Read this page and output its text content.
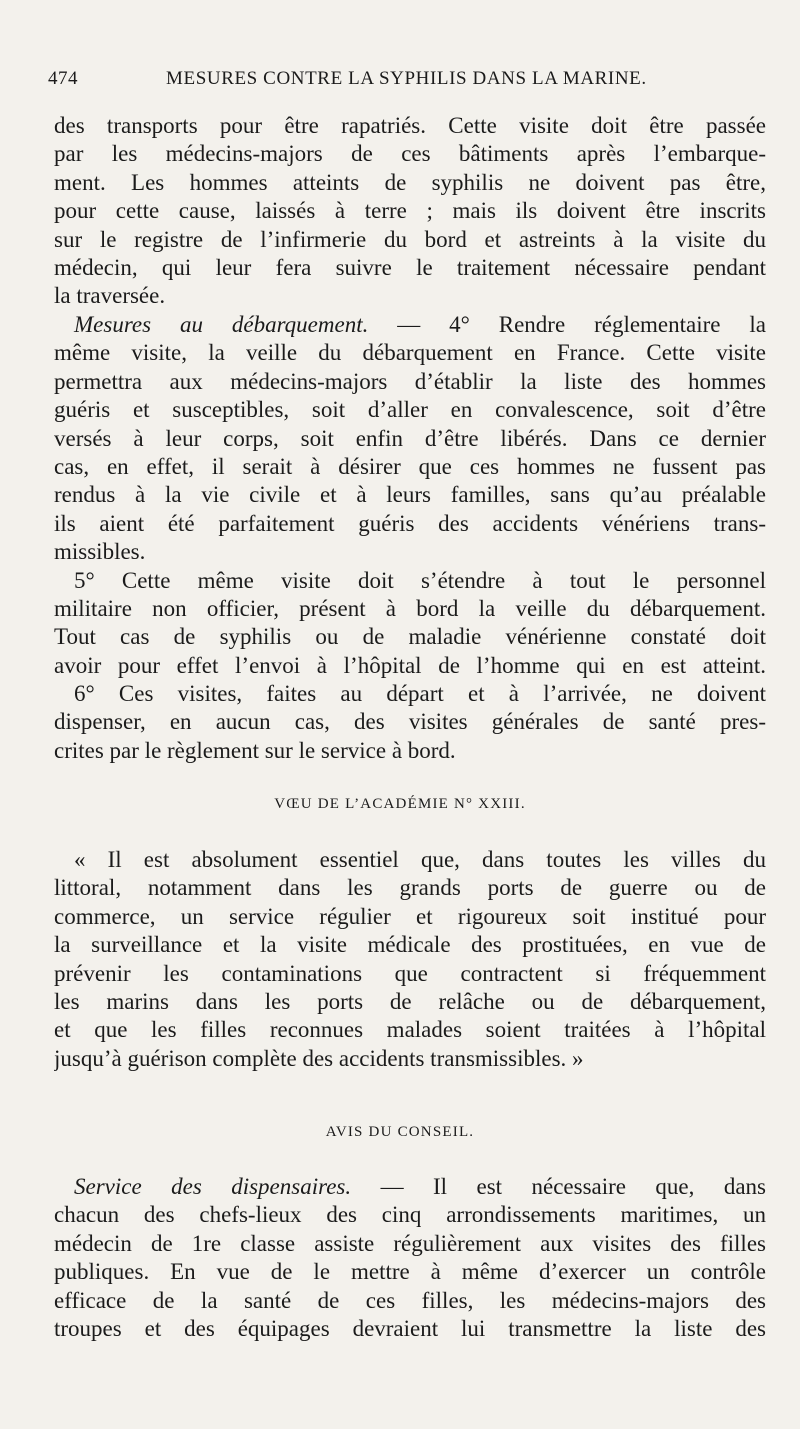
474	MESURES CONTRE LA SYPHILIS DANS LA MARINE.
des transports pour être rapatriés. Cette visite doit être passée
par les médecins-majors de ces bâtiments après l’embarque-
ment. Les hommes atteints de syphilis ne doivent pas être,
pour cette cause, laissés à terre ; mais ils doivent être inscrits
sur le registre de l’infirmerie du bord et astreints à la visite du
médecin, qui leur fera suivre le traitement nécessaire pendant
la traversée.
Mesures au débarquement. — 4° Rendre réglementaire la
même visite, la veille du débarquement en France. Cette visite
permettra aux médecins-majors d’établir la liste des hommes
guéris et susceptibles, soit d’aller en convalescence, soit d’être
versés à leur corps, soit enfin d’être libérés. Dans ce dernier
cas, en effet, il serait à désirer que ces hommes ne fussent pas
rendus à la vie civile et à leurs familles, sans qu’au préalable
ils aient été parfaitement guéris des accidents vénériens trans-
missibles.
5° Cette même visite doit s’étendre à tout le personnel
militaire non officier, présent à bord la veille du débarquement.
Tout cas de syphilis ou de maladie vénérienne constaté doit
avoir pour effet l’envoi à l’hôpital de l’homme qui en est atteint.
6° Ces visites, faites au départ et à l’arrivée, ne doivent
dispenser, en aucun cas, des visites générales de santé pres-
crites par le règlement sur le service à bord.
VŒU DE L’ACADÉMIE N° XXIII.
« Il est absolument essentiel que, dans toutes les villes du
littoral, notamment dans les grands ports de guerre ou de
commerce, un service régulier et rigoureux soit institué pour
la surveillance et la visite médicale des prostituées, en vue de
prévenir les contaminations que contractent si fréquemment
les marins dans les ports de relâche ou de débarquement,
et que les filles reconnues malades soient traitées à l’hôpital
jusqu’à guérison complète des accidents transmissibles. »
AVIS DU CONSEIL.
Service des dispensaires. — Il est nécessaire que, dans
chacun des chefs-lieux des cinq arrondissements maritimes, un
médecin de 1re classe assiste régulièrement aux visites des filles
publiques. En vue de le mettre à même d’exercer un contrôle
efficace de la santé de ces filles, les médecins-majors des
troupes et des équipages devraient lui transmettre la liste des
